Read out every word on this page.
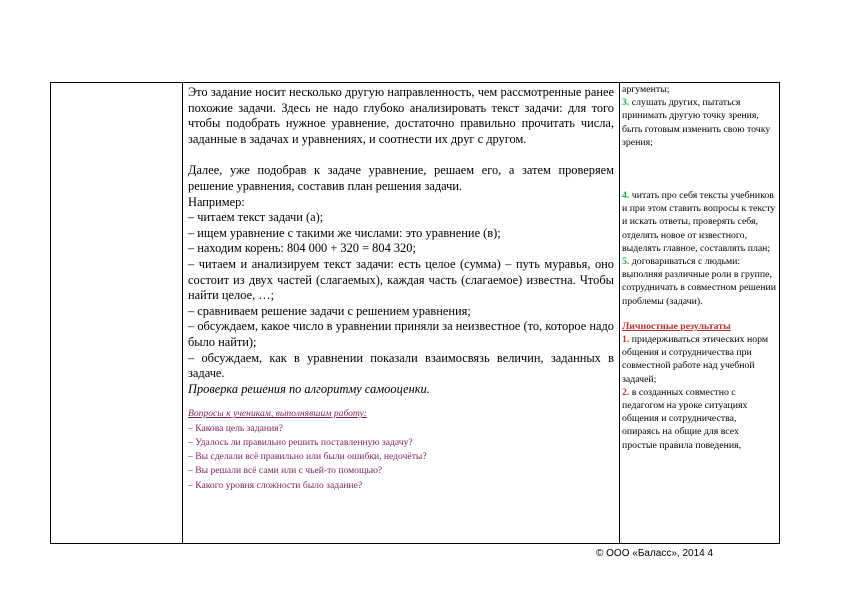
Это задание носит несколько другую направленность, чем рассмотренные ранее похожие задачи. Здесь не надо глубоко анализировать текст задачи: для того чтобы подобрать нужное уравнение, достаточно правильно прочитать числа, заданные в задачах и уравнениях, и соотнести их друг с другом.

Далее, уже подобрав к задаче уравнение, решаем его, а затем проверяем решение уравнения, составив план решения задачи.

Например:

– читаем текст задачи (а);

– ищем уравнение с такими же числами: это уравнение (в);

– находим корень: 804 000 + 320 = 804 320;

– читаем и анализируем текст задачи: есть целое (сумма) – путь муравья, оно состоит из двух частей (слагаемых), каждая часть (слагаемое) известна. Чтобы найти целое, …;

– сравниваем решение задачи с решением уравнения;

– обсуждаем, какое число в уравнении приняли за неизвестное (то, которое надо было найти);

– обсуждаем, как в уравнении показали взаимосвязь величин, заданных в задаче.

Проверка решения по алгоритму самооценки.

Вопросы к ученикам, выполнявшим работу:
– Какова цель задания?
– Удалось ли правильно решить поставленную задачу?
– Вы сделали всё правильно или были ошибки, недочёты?
– Вы решали всё сами или с чьей-то помощью?
– Какого уровня сложности было задание?

аргументы;

3. слушать других, пытаться принимать другую точку зрения, быть готовым изменить свою точку зрения;

4. читать про себя тексты учебников и при этом ставить вопросы к тексту и искать ответы, проверять себя, отделять новое от известного, выделять главное, составлять план;

5. договариваться с людьми: выполняя различные роли в группе, сотрудничать в совместном решении проблемы (задачи).

Личностные результаты

1. придерживаться этических норм общения и сотрудничества при совместной работе над учебной задачей;

2. в созданных совместно с педагогом на уроке ситуациях общения и сотрудничества, опираясь на общие для всех простые правила поведения,

© ООО «Баласс», 2014 4
